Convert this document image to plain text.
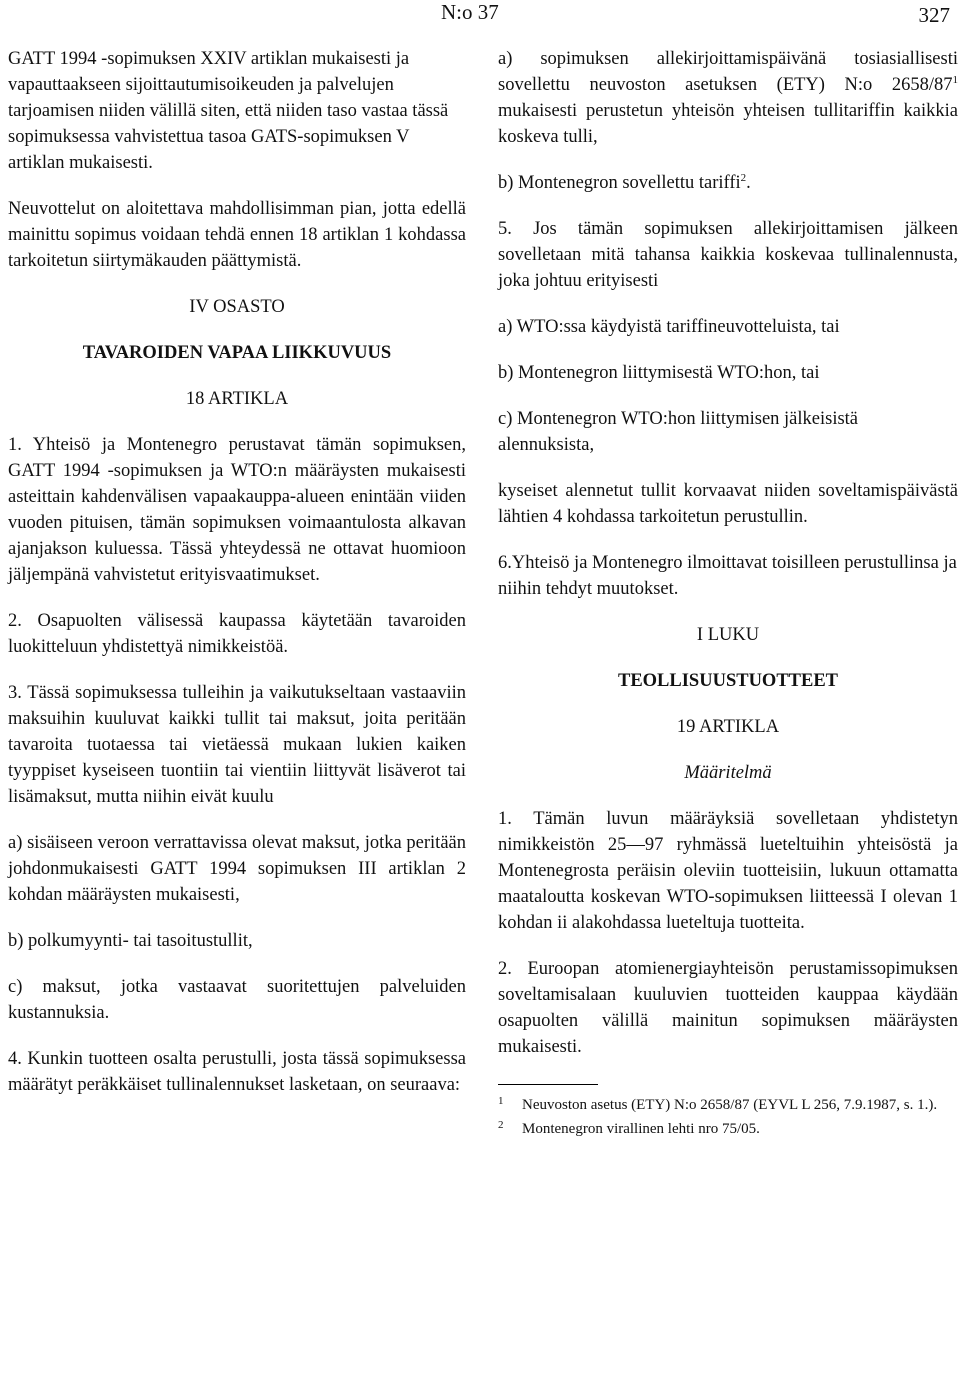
N:o 37	327

GATT 1994 -sopimuksen XXIV artiklan mukaisesti ja vapauttaakseen sijoittautumisoikeuden ja palvelujen tarjoamisen niiden välillä siten, että niiden taso vastaa tässä sopimuksessa vahvistettua tasoa GATS-sopimuksen V artiklan mukaisesti.

Neuvottelut on aloitettava mahdollisimman pian, jotta edellä mainittu sopimus voidaan tehdä ennen 18 artiklan 1 kohdassa tarkoitetun siirtymäkauden päättymistä.

IV OSASTO
TAVAROIDEN VAPAA LIIKKUVUUS
18 ARTIKLA

1. Yhteisö ja Montenegro perustavat tämän sopimuksen, GATT 1994 -sopimuksen ja WTO:n määräysten mukaisesti asteittain kahdenvälisen vapaakauppa-alueen enintään viiden vuoden pituisen, tämän sopimuksen voimaantulosta alkavan ajanjakson kuluessa. Tässä yhteydessä ne ottavat huomioon jäljempänä vahvistetut erityisvaatimukset.

2. Osapuolten välisessä kaupassa käytetään tavaroiden luokitteluun yhdistettyä nimikkeistöä.

3. Tässä sopimuksessa tulleihin ja vaikutukseltaan vastaaviin maksuihin kuuluvat kaikki tullit tai maksut, joita peritään tavaroita tuotaessa tai vietäessä mukaan lukien kaiken tyyppiset kyseiseen tuontiin tai vientiin liittyvät lisäverot tai lisämaksut, mutta niihin eivät kuulu

a) sisäiseen veroon verrattavissa olevat maksut, jotka peritään johdonmukaisesti GATT 1994 sopimuksen III artiklan 2 kohdan määräysten mukaisesti,

b) polkumyynti- tai tasoitustullit,

c) maksut, jotka vastaavat suoritettujen palveluiden kustannuksia.

4. Kunkin tuotteen osalta perustulli, josta tässä sopimuksessa määrätyt peräkkäiset tullinalennukset lasketaan, on seuraava:

a) sopimuksen allekirjoittamispäivänä tosiasiallisesti sovellettu neuvoston asetuksen (ETY) N:o $2658/87^1$ mukaisesti perustetun yhteisön yhteisen tullitariffin kaikkia koskeva tulli,

b) Montenegron sovellettu tariffi$^2$.

5. Jos tämän sopimuksen allekirjoittamisen jälkeen sovelletaan mitä tahansa kaikkia koskevaa tullinalennusta, joka johtuu erityisesti

a) WTO:ssa käydyistä tariffineuvotteluista, tai

b) Montenegron liittymisestä WTO:hon, tai

c) Montenegron WTO:hon liittymisen jälkeisistä alennuksista,

kyseiset alennetut tullit korvaavat niiden soveltamispäivästä lähtien 4 kohdassa tarkoitetun perustullin.

6.Yhteisö ja Montenegro ilmoittavat toisilleen perustullinsa ja niihin tehdyt muutokset.

I LUKU
TEOLLISUUSTUOTTEET
19 ARTIKLA
Määritelmä

1. Tämän luvun määräyksiä sovelletaan yhdistetyn nimikkeistön 25—97 ryhmässä lueteltuihin yhteisöstä ja Montenegrosta peräisin oleviin tuotteisiin, lukuun ottamatta maataloutta koskevan WTO-sopimuksen liitteessä I olevan 1 kohdan ii alakohdassa lueteltuja tuotteita.

2. Euroopan atomienergiayhteisön perustamissopimuksen soveltamisalaan kuuluvien tuotteiden kauppaa käydään osapuolten välillä mainitun sopimuksen määräysten mukaisesti.

1	Neuvoston asetus (ETY) N:o 2658/87 (EYVL L 256, 7.9.1987, s. 1.).
2	Montenegron virallinen lehti nro 75/05.
